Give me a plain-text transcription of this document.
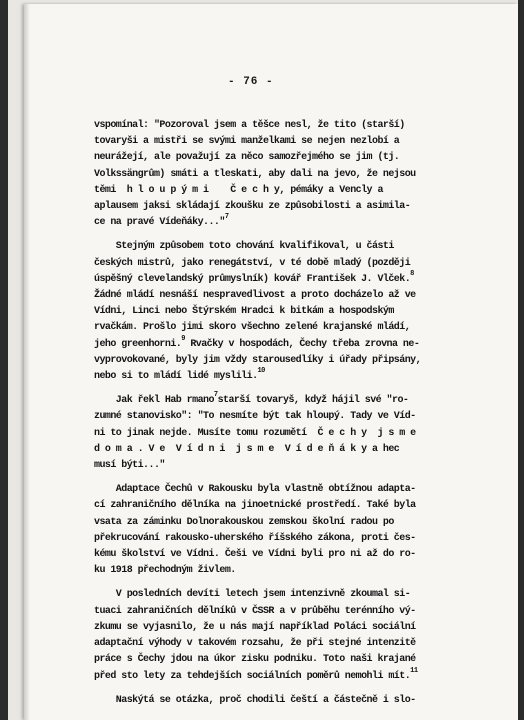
- 76 -
vspomínal: "Pozoroval jsem a těšce nesl, že tito (starší)
tovaryši a mistři se svými manželkami se nejen nezlobí a
neurážejí, ale považují za něco samozřejmého se jim (tj.
Volkssängrům) smáti a tleskati, aby dali na jevo, že nejsou
těmi  h l o u p ý m i    Č e c h y, pémáky a Vencly a
aplausem jaksi skládají zkoušku ze způsobilosti a asimila-
ce na pravé Vídeňáky..."$^7$
Stejným způsobem toto chování kvalifikoval, u části
českých mistrů, jako renegátství, v té době mladý (později
úspěšný clevelandský průmyslník) kovář František J. Vlček.$^8$
Žádné mládí nesnáší nespravedlivost a proto docházelo až ve
Vídni, Linci nebo Štýrském Hradci k bitkám a hospodským
rvačkám. Prošlo jimi skoro všechno zelené krajanské mládí,
jeho greenhorni.$^9$ Rvačky v hospodách, Čechy třeba zrovna ne-
vyprovokované, byly jim vždy starousedlíky i úřady připsány,
nebo si to mládí lidé myslili.$^{10}$
Jak řekl Hab rmano$^7$starší tovaryš, když hájil své "ro-
zumné stanovisko": "To nesmíte být tak hloupý. Tady ve Víd-
ni to jinak nejde. Musíte tomu rozumětí  Č e c h y  j s m e
d o m a . V e  V í d n i  j s m e  V í d e ň á k y a hec
musí býti..."
Adaptace Čechů v Rakousku byla vlastně obtížnou adapta-
cí zahraničního dělníka na jinoetnické prostředí. Také byla
vsata za záminku Dolnorakouskou zemskou školní radou po
překrucování rakousko-uherského říšského zákona, proti čes-
kému školství ve Vídni. Češi ve Vídni byli pro ni až do ro-
ku 1918 přechodným živlem.
V posledních devíti letech jsem intenzivně zkoumal si-
tuaci zahraničních dělníků v ČSSR a v průběhu terénního vý-
zkumu se vyjasnilo, že u nás mají například Poláci sociální
adaptační výhody v takovém rozsahu, že při stejné intenzitě
práce s Čechy jdou na úkor zisku podniku. Toto naši krajané
před sto lety za tehdejších sociálních poměrů nemohli mít.$^{11}$
Naskýtá se otázka, proč chodili čeští a částečně i slo-
